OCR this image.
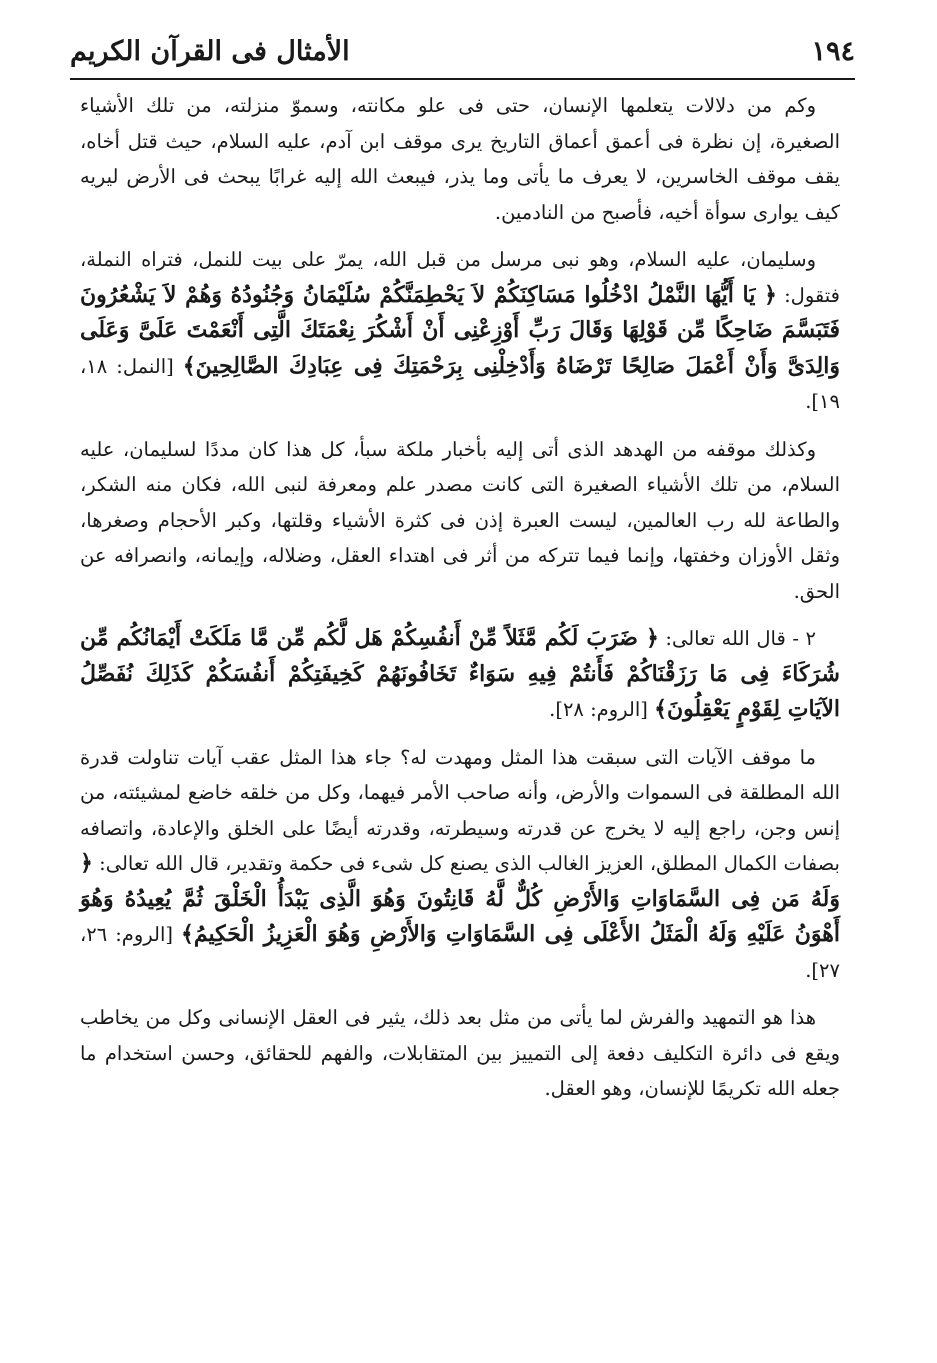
الأمثال فى القرآن الكريم	١٩٤

وكم من دلالات يتعلمها الإنسان، حتى فى علو مكانته، وسموّ منزلته، من تلك الأشياء الصغيرة، إن نظرة فى أعمق أعماق التاريخ يرى موقف ابن آدم، عليه السلام، حيث قتل أخاه، يقف موقف الخاسرين، لا يعرف ما يأتى وما يذر، فيبعث الله إليه غرابًا يبحث فى الأرض ليريه كيف يوارى سوأة أخيه، فأصبح من النادمين.

وسليمان، عليه السلام، وهو نبى مرسل من قبل الله، يمرّ على بيت للنمل، فتراه النملة، فتقول: ﴿ يَا أَيُّهَا النَّمْلُ ادْخُلُوا مَسَاكِنَكُمْ لاَ يَحْطِمَنَّكُمْ سُلَيْمَانُ وَجُنُودُهُ وَهُمْ لاَ يَشْعُرُونَ فَتَبَسَّمَ ضَاحِكًا مِّن قَوْلِهَا وَقَالَ رَبِّ أَوْزِعْنِى أَنْ أَشْكُرَ نِعْمَتَكَ الَّتِى أَنْعَمْتَ عَلَىَّ وَعَلَى وَالِدَىَّ وَأَنْ أَعْمَلَ صَالِحًا تَرْضَاهُ وَأَدْخِلْنِى بِرَحْمَتِكَ فِى عِبَادِكَ الصَّالِحِينَ﴾ [النمل: ١٨، ١٩].

وكذلك موقفه من الهدهد الذى أتى إليه بأخبار ملكة سبأ، كل هذا كان مددًا لسليمان، عليه السلام، من تلك الأشياء الصغيرة التى كانت مصدر علم ومعرفة لنبى الله، فكان منه الشكر، والطاعة لله رب العالمين، ليست العبرة إذن فى كثرة الأشياء وقلتها، وكبر الأحجام وصغرها، وثقل الأوزان وخفتها، وإنما فيما تتركه من أثر فى اهتداء العقل، وضلاله، وإيمانه، وانصرافه عن الحق.

٢ - قال الله تعالى: ﴿ ضَرَبَ لَكُم مَّثَلاً مِّنْ أَنفُسِكُمْ هَل لَّكُم مِّن مَّا مَلَكَتْ أَيْمَانُكُم مِّن شُرَكَاءَ فِى مَا رَزَقْنَاكُمْ فَأَنتُمْ فِيهِ سَوَاءٌ تَخَافُونَهُمْ كَخِيفَتِكُمْ أَنفُسَكُمْ كَذَلِكَ نُفَصِّلُ الآيَاتِ لِقَوْمٍ يَعْقِلُونَ﴾ [الروم: ٢٨].

ما موقف الآيات التى سبقت هذا المثل ومهدت له؟ جاء هذا المثل عقب آيات تناولت قدرة الله المطلقة فى السموات والأرض، وأنه صاحب الأمر فيهما، وكل من خلقه خاضع لمشيئته، من إنس وجن، راجع إليه لا يخرج عن قدرته وسيطرته، وقدرته أيضًا على الخلق والإعادة، واتصافه بصفات الكمال المطلق، العزيز الغالب الذى يصنع كل شىء فى حكمة وتقدير، قال الله تعالى: ﴿ وَلَهُ مَن فِى السَّمَاوَاتِ وَالأَرْضِ كُلٌّ لَّهُ قَانِتُونَ وَهُوَ الَّذِى يَبْدَأُ الْخَلْقَ ثُمَّ يُعِيدُهُ وَهُوَ أَهْوَنُ عَلَيْهِ وَلَهُ الْمَثَلُ الأَعْلَى فِى السَّمَاوَاتِ وَالأَرْضِ وَهُوَ الْعَزِيزُ الْحَكِيمُ﴾ [الروم: ٢٦، ٢٧].

هذا هو التمهيد والفرش لما يأتى من مثل بعد ذلك، يثير فى العقل الإنسانى وكل من يخاطب ويقع فى دائرة التكليف دفعة إلى التمييز بين المتقابلات، والفهم للحقائق، وحسن استخدام ما جعله الله تكريمًا للإنسان، وهو العقل.
